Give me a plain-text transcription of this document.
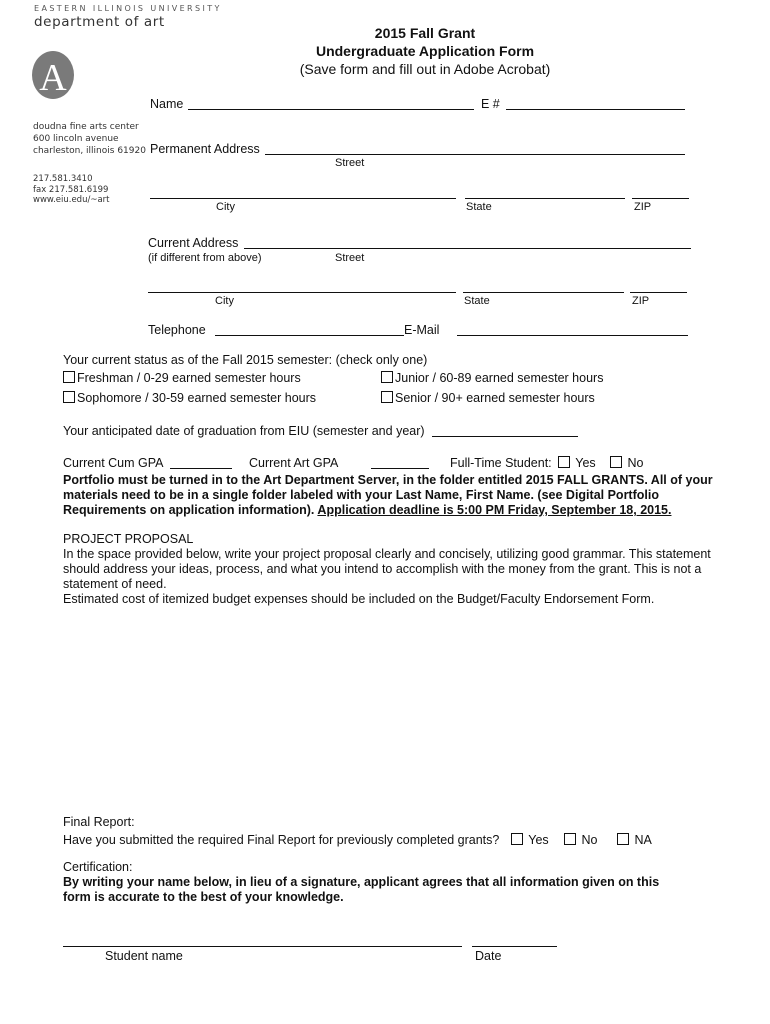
EASTERN ILLINOIS UNIVERSITY
department of art
A
doudna fine arts center
600 lincoln avenue
charleston, illinois 61920
217.581.3410
fax 217.581.6199
www.eiu.edu/~art
2015 Fall Grant
Undergraduate Application Form
(Save form and fill out in Adobe Acrobat)
Name	E #
Permanent Address
Street
City	State	ZIP
Current Address
(if different from above)	Street
City	State	ZIP
Telephone	E-Mail
Your current status as of the Fall 2015 semester: (check only one)
Freshman / 0-29 earned semester hours	Junior / 60-89 earned semester hours
Sophomore / 30-59 earned semester hours	Senior / 90+ earned semester hours
Your anticipated date of graduation from EIU (semester and year)
Current Cum GPA	Current Art GPA	Full-Time Student:	Yes	No
Portfolio must be turned in to the Art Department Server, in the folder entitled 2015 FALL GRANTS. All of your materials need to be in a single folder labeled with your Last Name, First Name. (see Digital Portfolio Requirements on application information). Application deadline is 5:00 PM Friday, September 18, 2015.
PROJECT PROPOSAL
In the space provided below, write your project proposal clearly and concisely, utilizing good grammar. This statement should address your ideas, process, and what you intend to accomplish with the money from the grant. This is not a statement of need.
Estimated cost of itemized budget expenses should be included on the Budget/Faculty Endorsement Form.
Final Report:
Have you submitted the required Final Report for previously completed grants?	Yes	No	NA
Certification:
By writing your name below, in lieu of a signature, applicant agrees that all information given on this form is accurate to the best of your knowledge.
Student name	Date
